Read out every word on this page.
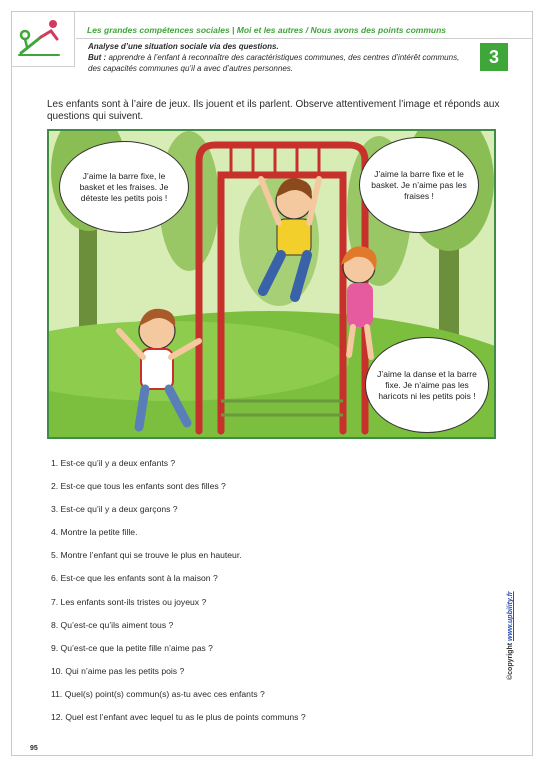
Les grandes compétences sociales | Moi et les autres / Nous avons des points communs
3
Analyse d’une situation sociale via des questions.
But : apprendre à l’enfant à reconnaître des caractéristiques communes, des centres d’intérêt communs, des capacités communes qu’il a avec d’autres personnes.
Les enfants sont à l’aire de jeux. Ils jouent et ils parlent. Observe attentivement l’image et réponds aux questions qui suivent.
J’aime la barre fixe, le basket et les fraises. Je déteste les petits pois !
J’aime la barre fixe et le basket. Je n’aime pas les fraises !
J’aime la danse et la barre fixe. Je n’aime pas les haricots ni les petits pois !
1. Est-ce qu’il y a deux enfants ?
2. Est-ce que tous les enfants sont des filles ?
3. Est-ce qu’il y a deux garçons ?
4. Montre la petite fille.
5. Montre l’enfant qui se trouve le plus en hauteur.
6. Est-ce que les enfants sont à la maison ?
7. Les enfants sont-ils tristes ou joyeux ?
8. Qu’est-ce qu’ils aiment tous ?
9. Qu’est-ce que la petite fille n’aime pas ?
10. Qui n’aime pas les petits pois ?
11. Quel(s) point(s) commun(s) as-tu avec ces enfants ?
12. Quel est l’enfant avec lequel tu as le plus de points communs ?
95
©copyright www.upbility.fr
